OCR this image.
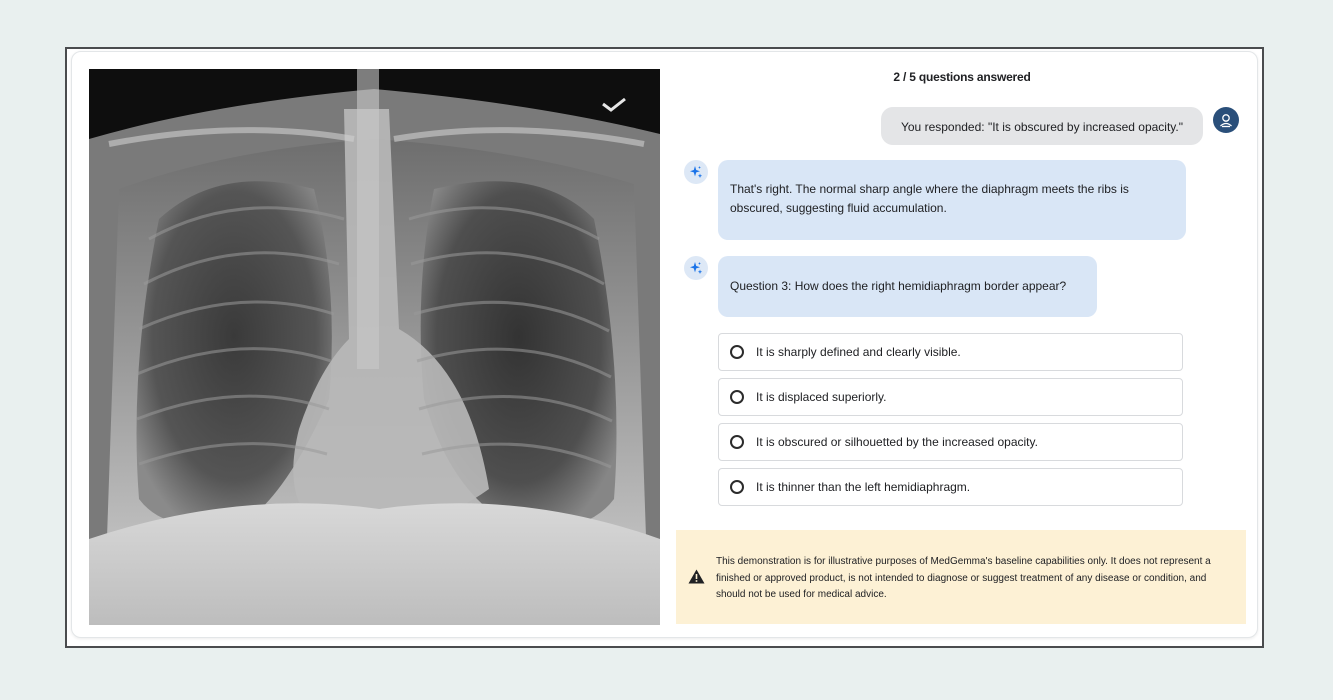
2 / 5 questions answered
You responded: "It is obscured by increased opacity."
That's right. The normal sharp angle where the diaphragm meets the ribs is obscured, suggesting fluid accumulation.
Question 3: How does the right hemidiaphragm border appear?
It is sharply defined and clearly visible.
It is displaced superiorly.
It is obscured or silhouetted by the increased opacity.
It is thinner than the left hemidiaphragm.
This demonstration is for illustrative purposes of MedGemma's baseline capabilities only. It does not represent a finished or approved product, is not intended to diagnose or suggest treatment of any disease or condition, and should not be used for medical advice.
